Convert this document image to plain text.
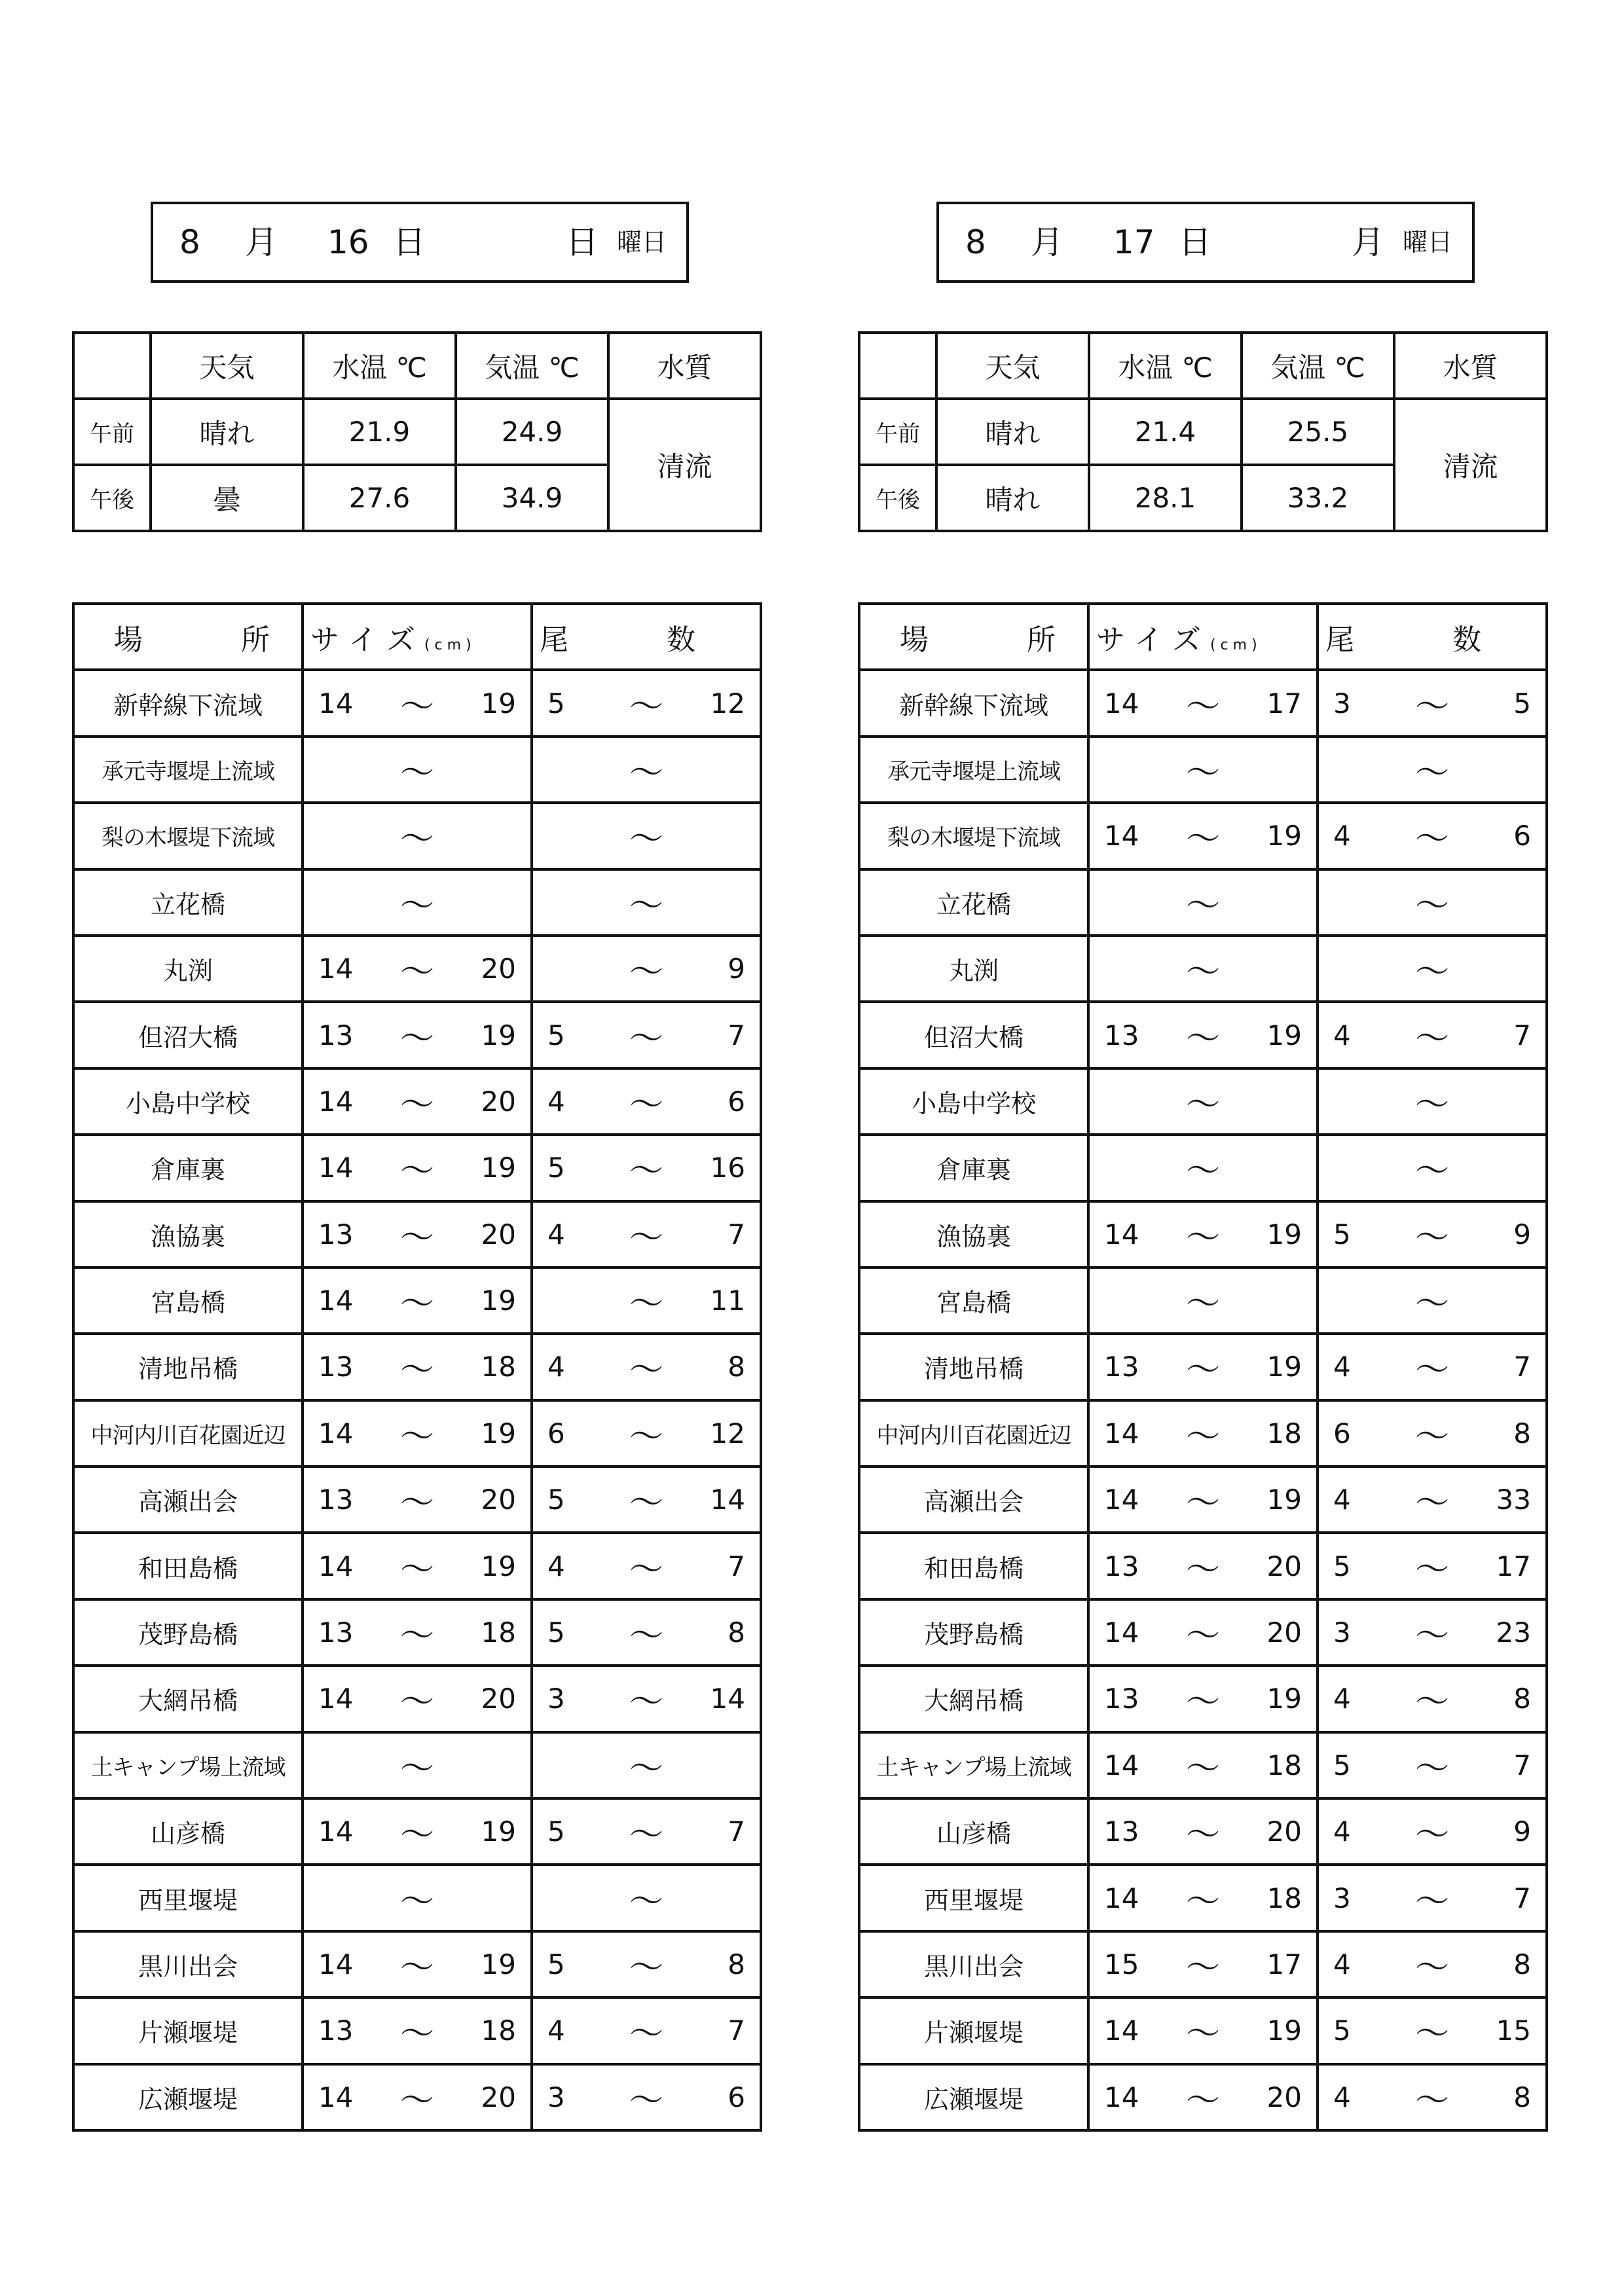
8 月 16 日	日 曜日
	天気	水温 ℃	気温 ℃	水質
午前	晴れ	21.9	24.9	清流
午後	曇	27.6	34.9	
場 所	サ イ ズ ( c m )	尾 数
新幹線下流域	14 〜 19	5 〜 12

承元寺堰堤上流域	〜	〜

梨の木堰堤下流域	〜	〜

立花橋	〜	〜

丸渕	14 〜 20	〜 9

但沼大橋	13 〜 19	5 〜 7

小島中学校	14 〜 20	4 〜 6

倉庫裏	14 〜 19	5 〜 16

漁協裏	13 〜 20	4 〜 7

宮島橋	14 〜 19	〜 11

清地吊橋	13 〜 18	4 〜 8

中河内川百花園近辺	14 〜 19	6 〜 12

高瀬出会	13 〜 20	5 〜 14

和田島橋	14 〜 19	4 〜 7

茂野島橋	13 〜 18	5 〜 8

大網吊橋	14 〜 20	3 〜 14

土キャンプ場上流域	〜	〜

山彦橋	14 〜 19	5 〜 7

西里堰堤	〜	〜

黒川出会	14 〜 19	5 〜 8

片瀬堰堤	13 〜 18	4 〜 7

広瀬堰堤	14 〜 20	3 〜 6
8 月 17 日	月 曜日
	天気	水温 ℃	気温 ℃	水質
午前	晴れ	21.4	25.5	清流
午後	晴れ	28.1	33.2	
場 所	サ イ ズ ( c m )	尾 数
新幹線下流域	14 〜 17	3 〜 5

承元寺堰堤上流域	〜	〜

梨の木堰堤下流域	14 〜 19	4 〜 6

立花橋	〜	〜

丸渕	〜	〜

但沼大橋	13 〜 19	4 〜 7

小島中学校	〜	〜

倉庫裏	〜	〜

漁協裏	14 〜 19	5 〜 9

宮島橋	〜	〜

清地吊橋	13 〜 19	4 〜 7

中河内川百花園近辺	14 〜 18	6 〜 8

高瀬出会	14 〜 19	4 〜 33

和田島橋	13 〜 20	5 〜 17

茂野島橋	14 〜 20	3 〜 23

大網吊橋	13 〜 19	4 〜 8

土キャンプ場上流域	14 〜 18	5 〜 7

山彦橋	13 〜 20	4 〜 9

西里堰堤	14 〜 18	3 〜 7

黒川出会	15 〜 17	4 〜 8

片瀬堰堤	14 〜 19	5 〜 15

広瀬堰堤	14 〜 20	4 〜 8
